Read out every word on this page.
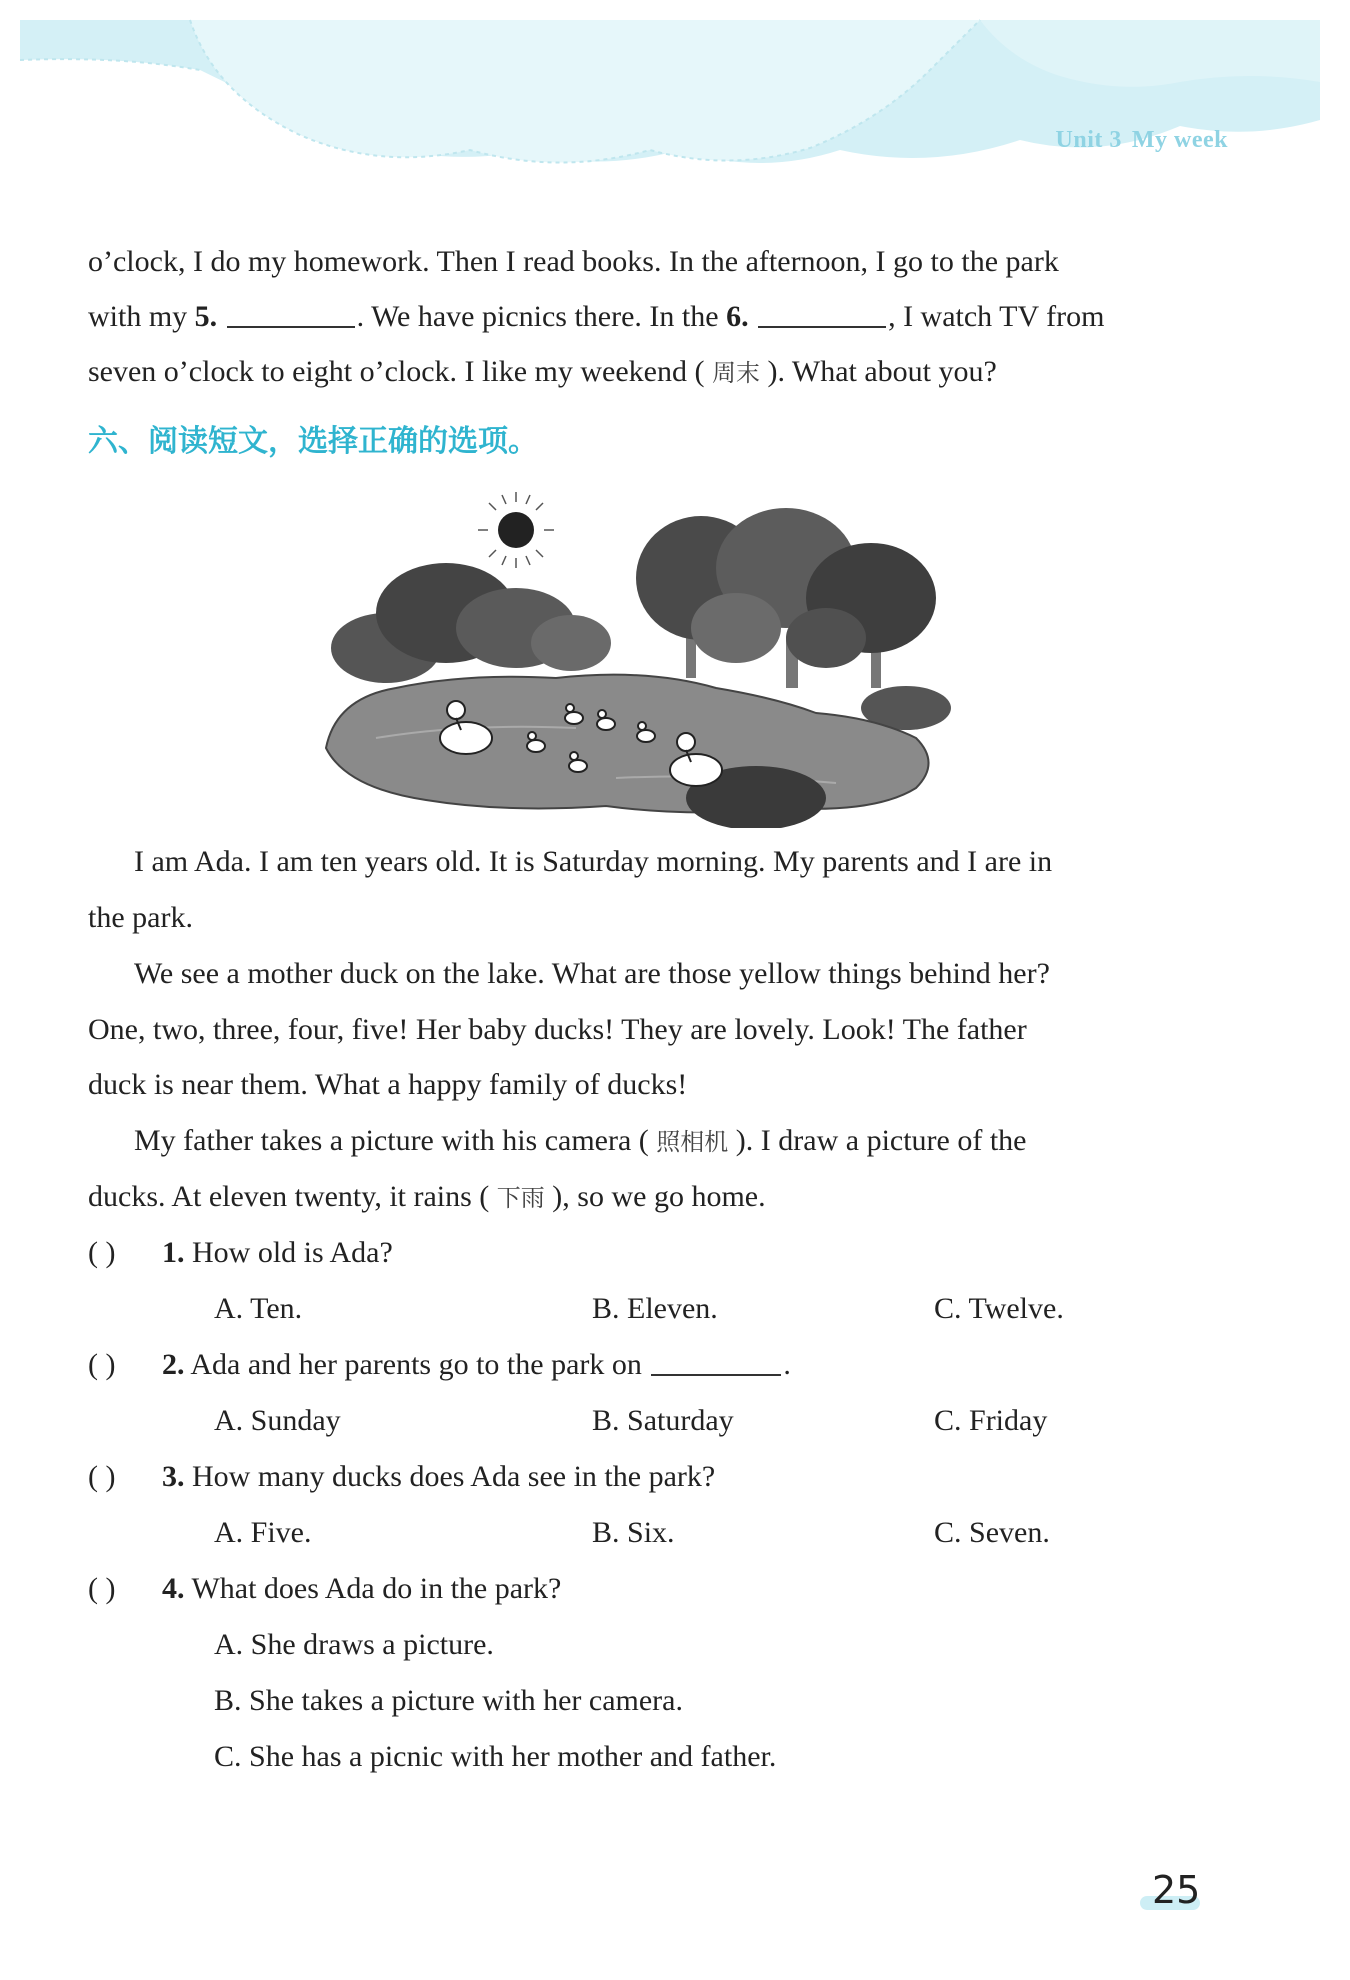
Unit 3 My week
o’clock, I do my homework. Then I read books. In the afternoon, I go to the park
with my 5.	. We have picnics there. In the 6.	, I watch TV from
seven o’clock to eight o’clock. I like my weekend ( 周末 ). What about you?
六、阅读短文，选择正确的选项。
I am Ada. I am ten years old. It is Saturday morning. My parents and I are in
the park.
We see a mother duck on the lake. What are those yellow things behind her?
One, two, three, four, five! Her baby ducks! They are lovely. Look! The father
duck is near them. What a happy family of ducks!
My father takes a picture with his camera ( 照相机 ). I draw a picture of the
ducks. At eleven twenty, it rains ( 下雨 ), so we go home.
( ) 1. How old is Ada?
A. Ten.	B. Eleven.	C. Twelve.
( ) 2. Ada and her parents go to the park on	.
A. Sunday	B. Saturday	C. Friday
( ) 3. How many ducks does Ada see in the park?
A. Five.	B. Six.	C. Seven.
( ) 4. What does Ada do in the park?
A. She draws a picture.
B. She takes a picture with her camera.
C. She has a picnic with her mother and father.
25
